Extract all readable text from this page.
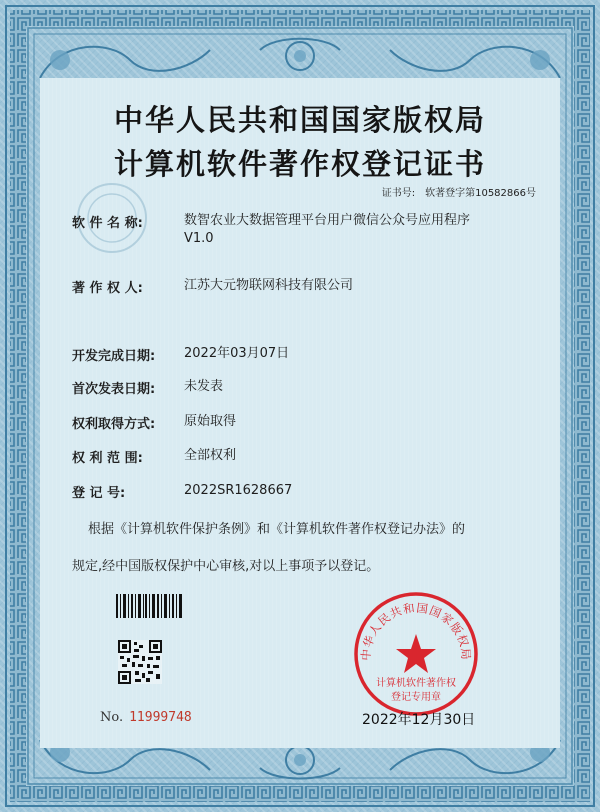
中华人民共和国国家版权局
计算机软件著作权登记证书
证书号: 软著登字第10582866号
软 件 名 称:	数智农业大数据管理平台用户微信公众号应用程序
V1.0
著 作 权 人:	江苏大元物联网科技有限公司
开发完成日期:	2022年03月07日
首次发表日期:	未发表
权利取得方式:	原始取得
权 利 范 围:	全部权利
登 记 号:	2022SR1628667
根据《计算机软件保护条例》和《计算机软件著作权登记办法》的
规定,经中国版权保护中心审核,对以上事项予以登记。
No. 11999748
中华人民共和国国家版权局
计算机软件著作权
登记专用章
2022年12月30日
